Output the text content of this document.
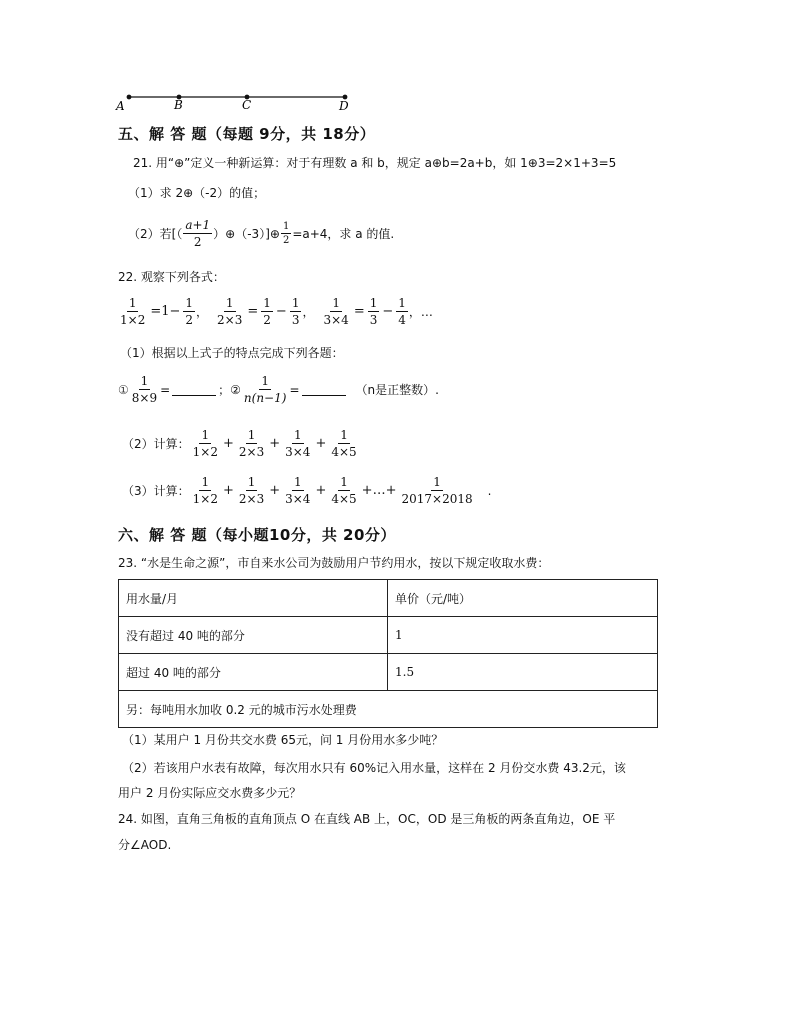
A	B	C	D
五、解 答 题（每题 9分，共 18分）
21. 用“⊕”定义一种新运算：对于有理数 a 和 b，规定 a⊕b=2a+b，如 1⊕3=2×1+3=5
（1）求 2⊕（-2）的值；
（2）若[（ $\frac{a+1}{2}$ ）⊕（-3）]⊕ $\frac{1}{2} =a+4$，求 a 的值.
22. 观察下列各式：
$\frac{1}{1\times 2} =1- \frac{1}{2}$ ， $\frac{1}{2\times 3} = \frac{1}{2} - \frac{1}{3}$ ， $\frac{1}{3\times 4} = \frac{1}{3} - \frac{1}{4}$ ，…
（1）根据以上式子的特点完成下列各题：
① $\frac{1}{8\times 9}$ =	；② $\frac{1}{n(n-1)}$ =	（n是正整数）.
（2）计算： $\frac{1}{1\times 2} + \frac{1}{2\times 3} + \frac{1}{3\times 4} + \frac{1}{4\times 5}$
（3）计算： $\frac{1}{1\times 2} + \frac{1}{2\times 3} + \frac{1}{3\times 4} + \frac{1}{4\times 5}$ +…+ $\frac{1}{2017\times 2018}$ .
六、解 答 题（每小题10分，共 20分）
23. “水是生命之源”，市自来水公司为鼓励用户节约用水，按以下规定收取水费：
用水量/月	单价（元/吨）
没有超过 40 吨的部分	1
超过 40 吨的部分	1.5
另：每吨用水加收 0.2 元的城市污水处理费	
（1）某用户 1 月份共交水费 65元，问 1 月份用水多少吨？
（2）若该用户水表有故障，每次用水只有 60%记入用水量，这样在 2 月份交水费 43.2元，该
用户 2 月份实际应交水费多少元？
24. 如图，直角三角板的直角顶点 O 在直线 AB 上，OC，OD 是三角板的两条直角边，OE 平
分∠AOD.
